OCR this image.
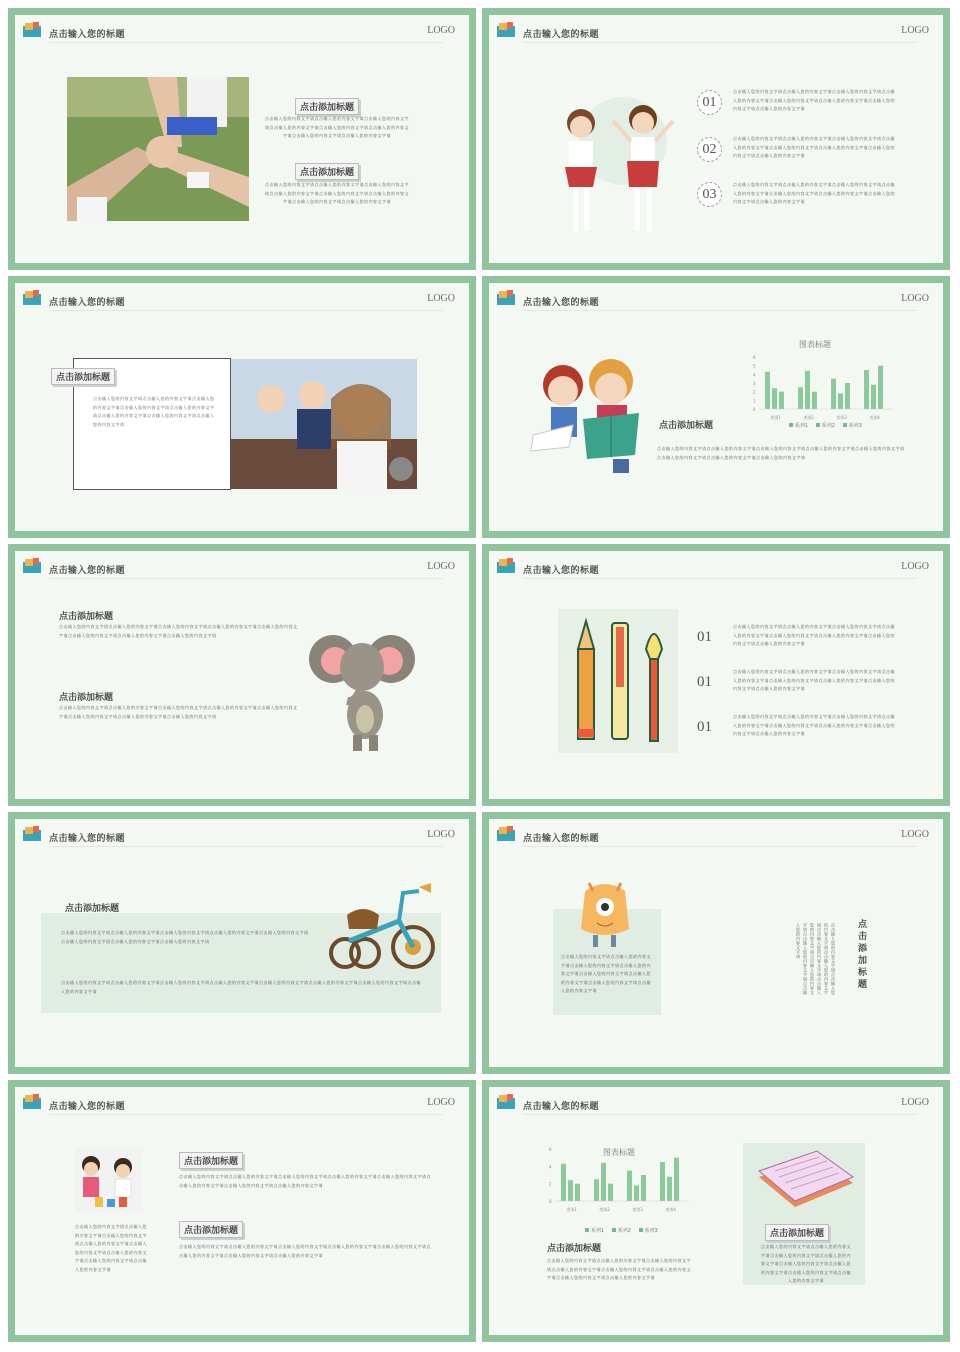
点击输入您的标题	LOGO
点击添加标题
点击输入您的内容文字请点击输入您的内容文字请点击输入您的内容文字请点击输入您的内容文字请点击输入您的内容文字请点击输入您的内容文字请点击输入您的内容文字请点击输入您的内容文字请
点击添加标题
点击输入您的内容文字请点击输入您的内容文字请点击输入您的内容文字请点击输入您的内容文字请点击输入您的内容文字请点击输入您的内容文字请点击输入您的内容文字请点击输入您的内容文字请
点击输入您的标题	LOGO
01
点击输入您的内容文字请点击输入您的内容文字请点击输入您的内容文字请点击输入您的内容文字请点击输入您的内容文字请点击输入您的内容文字请点击输入您的内容文字请点击输入您的内容文字请
02
点击输入您的内容文字请点击输入您的内容文字请点击输入您的内容文字请点击输入您的内容文字请点击输入您的内容文字请点击输入您的内容文字请点击输入您的内容文字请点击输入您的内容文字请
03
点击输入您的内容文字请点击输入您的内容文字请点击输入您的内容文字请点击输入您的内容文字请点击输入您的内容文字请点击输入您的内容文字请点击输入您的内容文字请点击输入您的内容文字请
点击输入您的标题	LOGO
点击添加标题
点击输入您的内容文字请点击输入您的内容文字请点击输入您的内容文字请点击输入您的内容文字请点击输入您的内容文字请点击输入您的内容文字请点击输入您的内容文字请点击输入您的内容文字请
点击输入您的标题	LOGO
点击添加标题
点击输入您的内容文字请点击输入您的内容文字请点击输入您的内容文字请点击输入您的内容文字请点击输入您的内容文字请点击输入您的内容文字请点击输入您的内容文字请点击输入您的内容文字请
图表标题
0
1
2
3
4
5
6
类别1	类别2	类别3	类别4
系列1	系列2	系列3
点击输入您的标题	LOGO
点击添加标题
点击输入您的内容文字请点击输入您的内容文字请点击输入您的内容文字请点击输入您的内容文字请点击输入您的内容文字请点击输入您的内容文字请点击输入您的内容文字请点击输入您的内容文字请
点击添加标题
点击输入您的内容文字请点击输入您的内容文字请点击输入您的内容文字请点击输入您的内容文字请点击输入您的内容文字请点击输入您的内容文字请点击输入您的内容文字请点击输入您的内容文字请
点击输入您的标题	LOGO
01
点击输入您的内容文字请点击输入您的内容文字请点击输入您的内容文字请点击输入您的内容文字请点击输入您的内容文字请点击输入您的内容文字请点击输入您的内容文字请点击输入您的内容文字请
01
点击输入您的内容文字请点击输入您的内容文字请点击输入您的内容文字请点击输入您的内容文字请点击输入您的内容文字请点击输入您的内容文字请点击输入您的内容文字请点击输入您的内容文字请
01
点击输入您的内容文字请点击输入您的内容文字请点击输入您的内容文字请点击输入您的内容文字请点击输入您的内容文字请点击输入您的内容文字请点击输入您的内容文字请点击输入您的内容文字请
点击输入您的标题	LOGO
点击添加标题
点击输入您的内容文字请点击输入您的内容文字请点击输入您的内容文字请点击输入您的内容文字请点击输入您的内容文字请点击输入您的内容文字请点击输入您的内容文字请点击输入您的内容文字请
点击输入您的内容文字请点击输入您的内容文字请点击输入您的内容文字请点击输入您的内容文字请点击输入您的内容文字请点击输入您的内容文字请点击输入您的内容文字请点击输入您的内容文字请
点击输入您的标题	LOGO
点击输入您的内容文字请点击输入您的内容文字请点击输入您的内容文字请点击输入您的内容文字请点击输入您的内容文字请点击输入您的内容文字请点击输入您的内容文字请点击输入您的内容文字请	点击输入您的内容文字请点击输入您的内容文字请点击输入您的内容文字请点击输入您的内容文字请点击输入您的内容文字请点击输入您的内容文字请点击输入您的内容文字请点击输入您的内容文字请	点击添加标题
点击输入您的标题	LOGO
点击输入您的内容文字请点击输入您的内容文字请点击输入您的内容文字请点击输入您的内容文字请点击输入您的内容文字请点击输入您的内容文字请点击输入您的内容文字请点击输入您的内容文字请
点击添加标题
点击输入您的内容文字请点击输入您的内容文字请点击输入您的内容文字请点击输入您的内容文字请点击输入您的内容文字请点击输入您的内容文字请点击输入您的内容文字请点击输入您的内容文字请
点击添加标题
点击输入您的内容文字请点击输入您的内容文字请点击输入您的内容文字请点击输入您的内容文字请点击输入您的内容文字请点击输入您的内容文字请点击输入您的内容文字请点击输入您的内容文字请
点击输入您的标题	LOGO
图表标题
0
2
4
6
类别1	类别2	类别3	类别4
系列1	系列2	系列3
点击添加标题
点击输入您的内容文字请点击输入您的内容文字请点击输入您的内容文字请点击输入您的内容文字请点击输入您的内容文字请点击输入您的内容文字请点击输入您的内容文字请点击输入您的内容文字请
点击添加标题
点击输入您的内容文字请点击输入您的内容文字请点击输入您的内容文字请点击输入您的内容文字请点击输入您的内容文字请点击输入您的内容文字请点击输入您的内容文字请点击输入您的内容文字请
